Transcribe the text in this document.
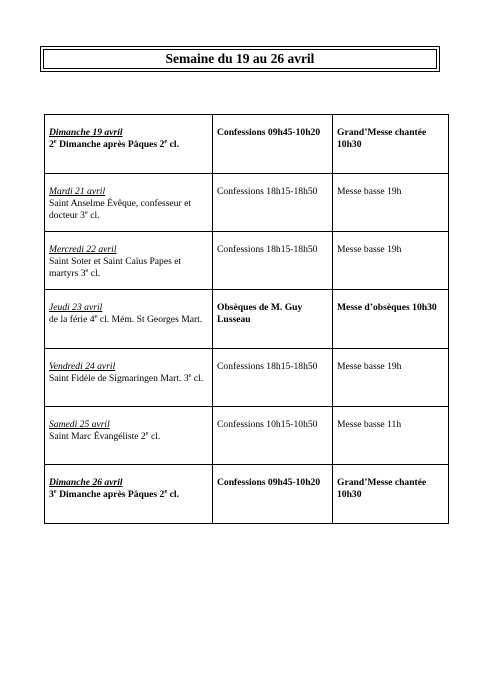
Semaine du 19 au 26 avril
Dimanche 19 avril
2e Dimanche après Pâques 2e cl.	Confessions 09h45-10h20	Grand’Messe chantée 10h30

Mardi 21 avril
Saint Anselme Évêque, confesseur et docteur 3e cl.	Confessions 18h15-18h50	Messe basse 19h

Mercredi 22 avril
Saint Soter et Saint Caïus Papes et martyrs 3e cl.	Confessions 18h15-18h50	Messe basse 19h

Jeudi 23 avril
de la férie 4e cl. Mém. St Georges Mart.	Obsèques de M. Guy Lusseau	Messe d’obsèques 10h30

Vendredi 24 avril
Saint Fidèle de Sigmaringen Mart. 3e cl.	Confessions 18h15-18h50	Messe basse 19h

Samedi 25 avril
Saint Marc Évangéliste 2e cl.	Confessions 10h15-10h50	Messe basse 11h

Dimanche 26 avril
3e Dimanche après Pâques 2e cl.	Confessions 09h45-10h20	Grand’Messe chantée 10h30
